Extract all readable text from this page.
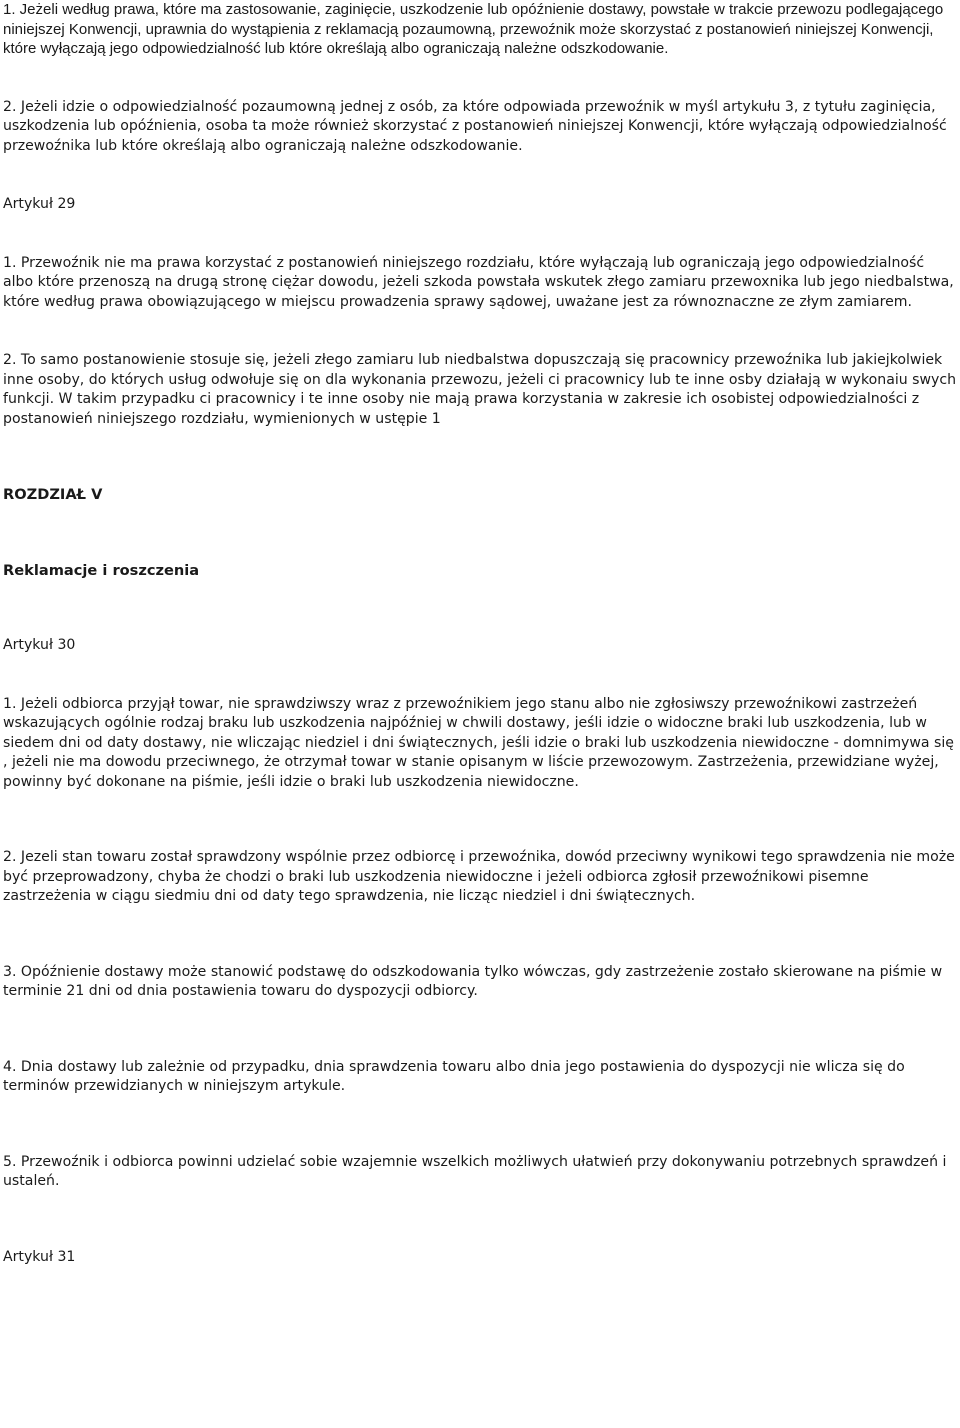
1. Jeżeli według prawa, które ma zastosowanie, zaginięcie, uszkodzenie lub opóźnienie dostawy, powstałe w trakcie przewozu podlegającego niniejszej Konwencji, uprawnia do wystąpienia z reklamacją pozaumowną, przewoźnik może skorzystać z postanowień niniejszej Konwencji, które wyłączają jego odpowiedzialność lub które określają albo ograniczają należne odszkodowanie.

2. Jeżeli idzie o odpowiedzialność pozaumowną jednej z osób, za które odpowiada przewoźnik w myśl artykułu 3, z tytułu zaginięcia, uszkodzenia lub opóźnienia, osoba ta może również skorzystać z postanowień niniejszej Konwencji, które wyłączają odpowiedzialność przewoźnika lub które określają albo ograniczają należne odszkodowanie.

Artykuł 29

1. Przewoźnik nie ma prawa korzystać z postanowień niniejszego rozdziału, które wyłączają lub ograniczają jego odpowiedzialność albo które przenoszą na drugą stronę ciężar dowodu, jeżeli szkoda powstała wskutek złego zamiaru przewoxnika lub jego niedbalstwa, które według prawa obowiązującego w miejscu prowadzenia sprawy sądowej, uważane jest za równoznaczne ze złym zamiarem.

2. To samo postanowienie stosuje się, jeżeli złego zamiaru lub niedbalstwa dopuszczają się pracownicy przewoźnika lub jakiejkolwiek inne osoby, do których usług odwołuje się on dla wykonania przewozu, jeżeli ci pracownicy lub te inne osby działają w wykonaiu swych funkcji. W takim przypadku ci pracownicy i te inne osoby nie mają prawa korzystania w zakresie ich osobistej odpowiedzialności z postanowień niniejszego rozdziału, wymienionych w ustępie 1

ROZDZIAŁ V

Reklamacje i roszczenia

Artykuł 30

1. Jeżeli odbiorca przyjął towar, nie sprawdziwszy wraz z przewoźnikiem jego stanu albo nie zgłosiwszy przewoźnikowi zastrzeżeń wskazujących ogólnie rodzaj braku lub uszkodzenia najpóźniej w chwili dostawy, jeśli idzie o widoczne braki lub uszkodzenia, lub w siedem dni od daty dostawy, nie wliczając niedziel i dni świątecznych, jeśli idzie o braki lub uszkodzenia niewidoczne - domnimywa się , jeżeli nie ma dowodu przeciwnego, że otrzymał towar w stanie opisanym w liście przewozowym. Zastrzeżenia, przewidziane wyżej, powinny być dokonane na piśmie, jeśli idzie o braki lub uszkodzenia niewidoczne.

2. Jezeli stan towaru został sprawdzony wspólnie przez odbiorcę i przewoźnika, dowód przeciwny wynikowi tego sprawdzenia nie może być przeprowadzony, chyba że chodzi o braki lub uszkodzenia niewidoczne i jeżeli odbiorca zgłosił przewoźnikowi pisemne zastrzeżenia w ciągu siedmiu dni od daty tego sprawdzenia, nie licząc niedziel i dni świątecznych.

3. Opóźnienie dostawy może stanowić podstawę do odszkodowania tylko wówczas, gdy zastrzeżenie zostało skierowane na piśmie w terminie 21 dni od dnia postawienia towaru do dyspozycji odbiorcy.

4. Dnia dostawy lub zależnie od przypadku, dnia sprawdzenia towaru albo dnia jego postawienia do dyspozycji nie wlicza się do terminów przewidzianych w niniejszym artykule.

5. Przewoźnik i odbiorca powinni udzielać sobie wzajemnie wszelkich możliwych ułatwień przy dokonywaniu potrzebnych sprawdzeń i ustaleń.

Artykuł 31
